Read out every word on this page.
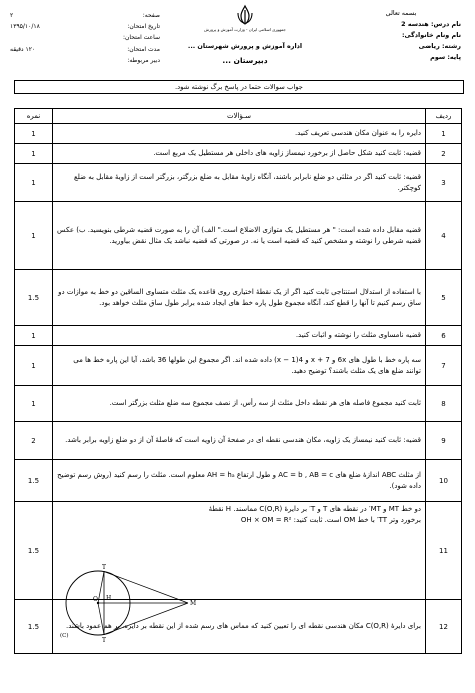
بسمه تعالی
نام درس: هندسه 2
نام ونام خانوادگی:
رشته: ریاضی
پایه: سوم
جمهوری اسلامی ایران - وزارت آموزش و پرورش
اداره آموزش و پرورش شهرستان ...
دبیرستان ...
صفحه:
۲
تاریخ امتحان:
۱۳۹۵/۱۰/۱۸
ساعت امتحان:
مدت امتحان:
۱۲۰ دقیقه
دبیر مربوطه:
جواب سوالات حتما در پاسخ برگ نوشته شود.
نمره	سـؤالات	ردیف
1	دایره را به عنوان مکان هندسی تعریف کنید.	1
1	قضیه: ثابت کنید شکل حاصل از برخورد نیمساز زاویه های داخلی هر مستطیل یک مربع است.	2
1	قضیه: ثابت کنید اگر در مثلثی دو ضلع نابرابر باشند، آنگاه زاویهٔ مقابل به ضلع بزرگتر، بزرگتر است از زاویهٔ مقابل به ضلع کوچکتر.	3
1	قضیه مقابل داده شده است: " هر مستطیل یک متوازی الاضلاع است." الف) آن را به صورت قضیه شرطی بنویسید. ب) عکس قضیه شرطی را نوشته و مشخص کنید که قضیه است یا نه. در صورتی که قضیه نباشد یک مثال نقض بیاورید.	4
1.5	با استفاده از استدلال استنتاجی ثابت کنید اگر از یک نقطهٔ اختیاری روی قاعده یک مثلث متساوی الساقین دو خط به موازات دو ساق رسم کنیم تا آنها را قطع کند، آنگاه مجموع طول پاره خط های ایجاد شده برابر طول ساق مثلث خواهد بود.	5
1	قضیه نامساوی مثلث را نوشته و اثبات کنید.	6
1	سه پاره خط با طول های 6x و x + 7 و 4(x − 1) داده شده اند. اگر مجموع این طولها 36 باشد، آیا این پاره خط ها می توانند ضلع های یک مثلث باشند؟ توضیح دهید.	7
1	ثابت کنید مجموع فاصله های هر نقطه داخل مثلث از سه رأس، از نصف مجموع سه ضلع مثلث بزرگتر است.	8
2	قضیه: ثابت کنید نیمساز یک زاویه، مکان هندسی نقطه ای در صفحهٔ آن زاویه است که فاصلهٔ آن از دو ضلع زاویه برابر باشد.	9
1.5	از مثلث ABC اندازهٔ ضلع های AC = b , AB = c و طول ارتفاع AH = hₐ معلوم است. مثلث را رسم کنید (روش رسم توضیح داده شود).	10
1.5	دو خط MT و MT′ در نقطه های T و T′ بر دایرهٔ C(O,R) مماسند. H نقطهٔ برخورد وتر TT′ با خط OM است. ثابت کنید: OH × OM = R²	11
1.5	برای دایرهٔ C(O,R) مکان هندسی نقطه ای را تعیین کنید که مماس های رسم شده از این نقطه بر دایره، بر هم عمود باشند.	12
T
T
H
O
M
(C)
